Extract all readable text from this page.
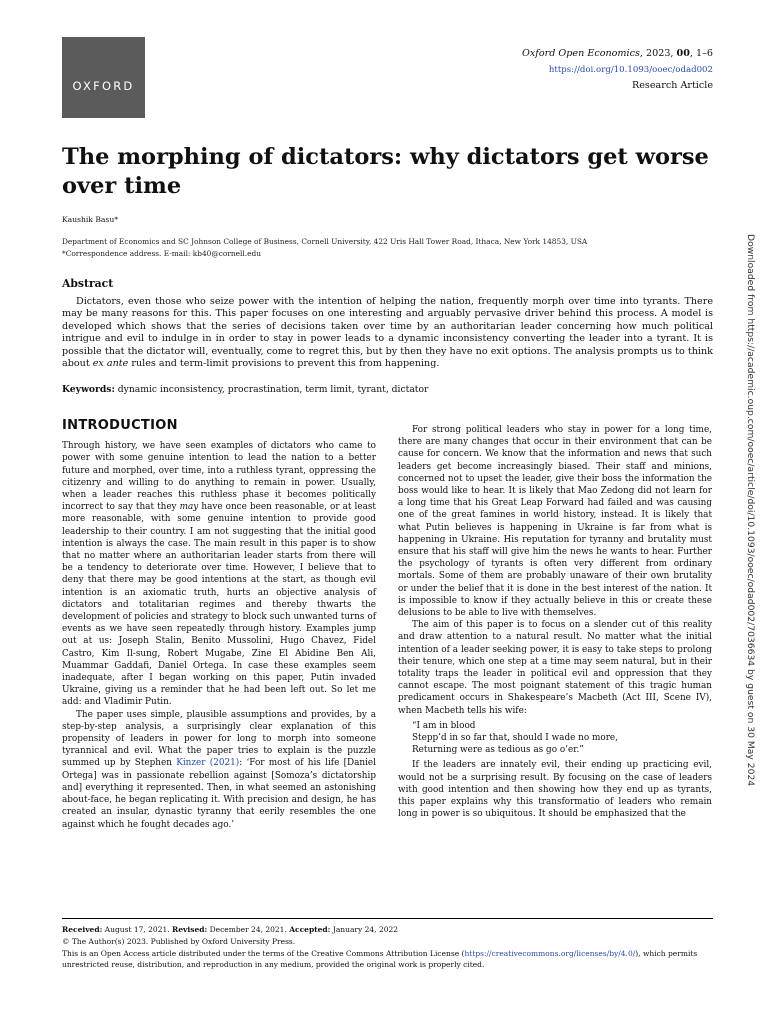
OXFORD
Oxford Open Economics, 2023, 00, 1–6
https://doi.org/10.1093/ooec/odad002
Research Article
The morphing of dictators: why dictators get worse over time
Kaushik Basu*
Department of Economics and SC Johnson College of Business, Cornell University, 422 Uris Hall Tower Road, Ithaca, New York 14853, USA
*Correspondence address. E-mail: kb40@cornell.edu
Abstract

Dictators, even those who seize power with the intention of helping the nation, frequently morph over time into tyrants. There may be many reasons for this. This paper focuses on one interesting and arguably pervasive driver behind this process. A model is developed which shows that the series of decisions taken over time by an authoritarian leader concerning how much political intrigue and evil to indulge in in order to stay in power leads to a dynamic inconsistency converting the leader into a tyrant. It is possible that the dictator will, eventually, come to regret this, but by then they have no exit options. The analysis prompts us to think about ex ante rules and term-limit provisions to prevent this from happening.

Keywords: dynamic inconsistency, procrastination, term limit, tyrant, dictator
INTRODUCTION

Through history, we have seen examples of dictators who came to power with some genuine intention to lead the nation to a better future and morphed, over time, into a ruthless tyrant, oppressing the citizenry and willing to do anything to remain in power. Usually, when a leader reaches this ruthless phase it becomes politically incorrect to say that they may have once been reasonable, or at least more reasonable, with some genuine intention to provide good leadership to their country. I am not suggesting that the initial good intention is always the case. The main result in this paper is to show that no matter where an authoritarian leader starts from there will be a tendency to deteriorate over time. However, I believe that to deny that there may be good intentions at the start, as though evil intention is an axiomatic truth, hurts an objective analysis of dictators and totalitarian regimes and thereby thwarts the development of policies and strategy to block such unwanted turns of events as we have seen repeatedly through history. Examples jump out at us: Joseph Stalin, Benito Mussolini, Hugo Chavez, Fidel Castro, Kim Il-sung, Robert Mugabe, Zine El Abidine Ben Ali, Muammar Gaddafi, Daniel Ortega. In case these examples seem inadequate, after I began working on this paper, Putin invaded Ukraine, giving us a reminder that he had been left out. So let me add: and Vladimir Putin.

The paper uses simple, plausible assumptions and provides, by a step-by-step analysis, a surprisingly clear explanation of this propensity of leaders in power for long to morph into someone tyrannical and evil. What the paper tries to explain is the puzzle summed up by Stephen Kinzer (2021): ‘For most of his life [Daniel Ortega] was in passionate rebellion against [Somoza’s dictatorship and] everything it represented. Then, in what seemed an astonishing about-face, he began replicating it. With precision and design, he has created an insular, dynastic tyranny that eerily resembles the one against which he fought decades ago.’

For strong political leaders who stay in power for a long time, there are many changes that occur in their environment that can be cause for concern. We know that the information and news that such leaders get become increasingly biased. Their staff and minions, concerned not to upset the leader, give their boss the information the boss would like to hear. It is likely that Mao Zedong did not learn for a long time that his Great Leap Forward had failed and was causing one of the great famines in world history, instead. It is likely that what Putin believes is happening in Ukraine is far from what is happening in Ukraine. His reputation for tyranny and brutality must ensure that his staff will give him the news he wants to hear. Further the psychology of tyrants is often very different from ordinary mortals. Some of them are probably unaware of their own brutality or under the belief that it is done in the best interest of the nation. It is impossible to know if they actually believe in this or create these delusions to be able to live with themselves.

The aim of this paper is to focus on a slender cut of this reality and draw attention to a natural result. No matter what the initial intention of a leader seeking power, it is easy to take steps to prolong their tenure, which one step at a time may seem natural, but in their totality traps the leader in political evil and oppression that they cannot escape. The most poignant statement of this tragic human predicament occurs in Shakespeare’s Macbeth (Act III, Scene IV), when Macbeth tells his wife:

“I am in blood

Stepp’d in so far that, should I wade no more,

Returning were as tedious as go o’er.”

If the leaders are innately evil, their ending up practicing evil, would not be a surprising result. By focusing on the case of leaders with good intention and then showing how they end up as tyrants, this paper explains why this transformatio of leaders who remain long in power is so ubiquitous. It should be emphasized that the

Downloaded from https://academic.oup.com/ooec/article/doi/10.1093/ooec/odad002/7036634 by guest on 30 May 2024

Received: August 17, 2021. Revised: December 24, 2021. Accepted: January 24, 2022

© The Author(s) 2023. Published by Oxford University Press.

This is an Open Access article distributed under the terms of the Creative Commons Attribution License (https://creativecommons.org/licenses/by/4.0/), which permits unrestricted reuse, distribution, and reproduction in any medium, provided the original work is properly cited.
